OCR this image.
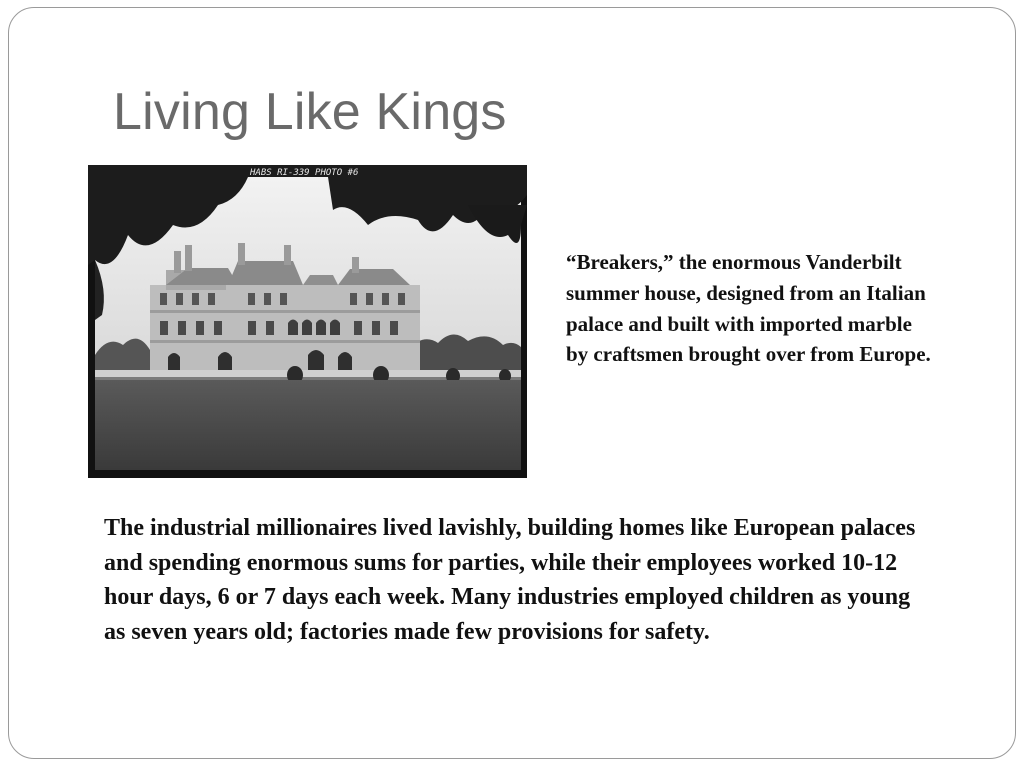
Living Like Kings
HABS RI-339 PHOTO #6
“Breakers,” the enormous Vanderbilt summer house, designed from an Italian palace and built with imported marble by craftsmen brought over from Europe.
The industrial millionaires lived lavishly, building homes like European palaces and spending enormous sums for parties, while their employees worked 10-12 hour days, 6 or 7 days each week. Many industries employed children as young as seven years old; factories made few provisions for safety.
